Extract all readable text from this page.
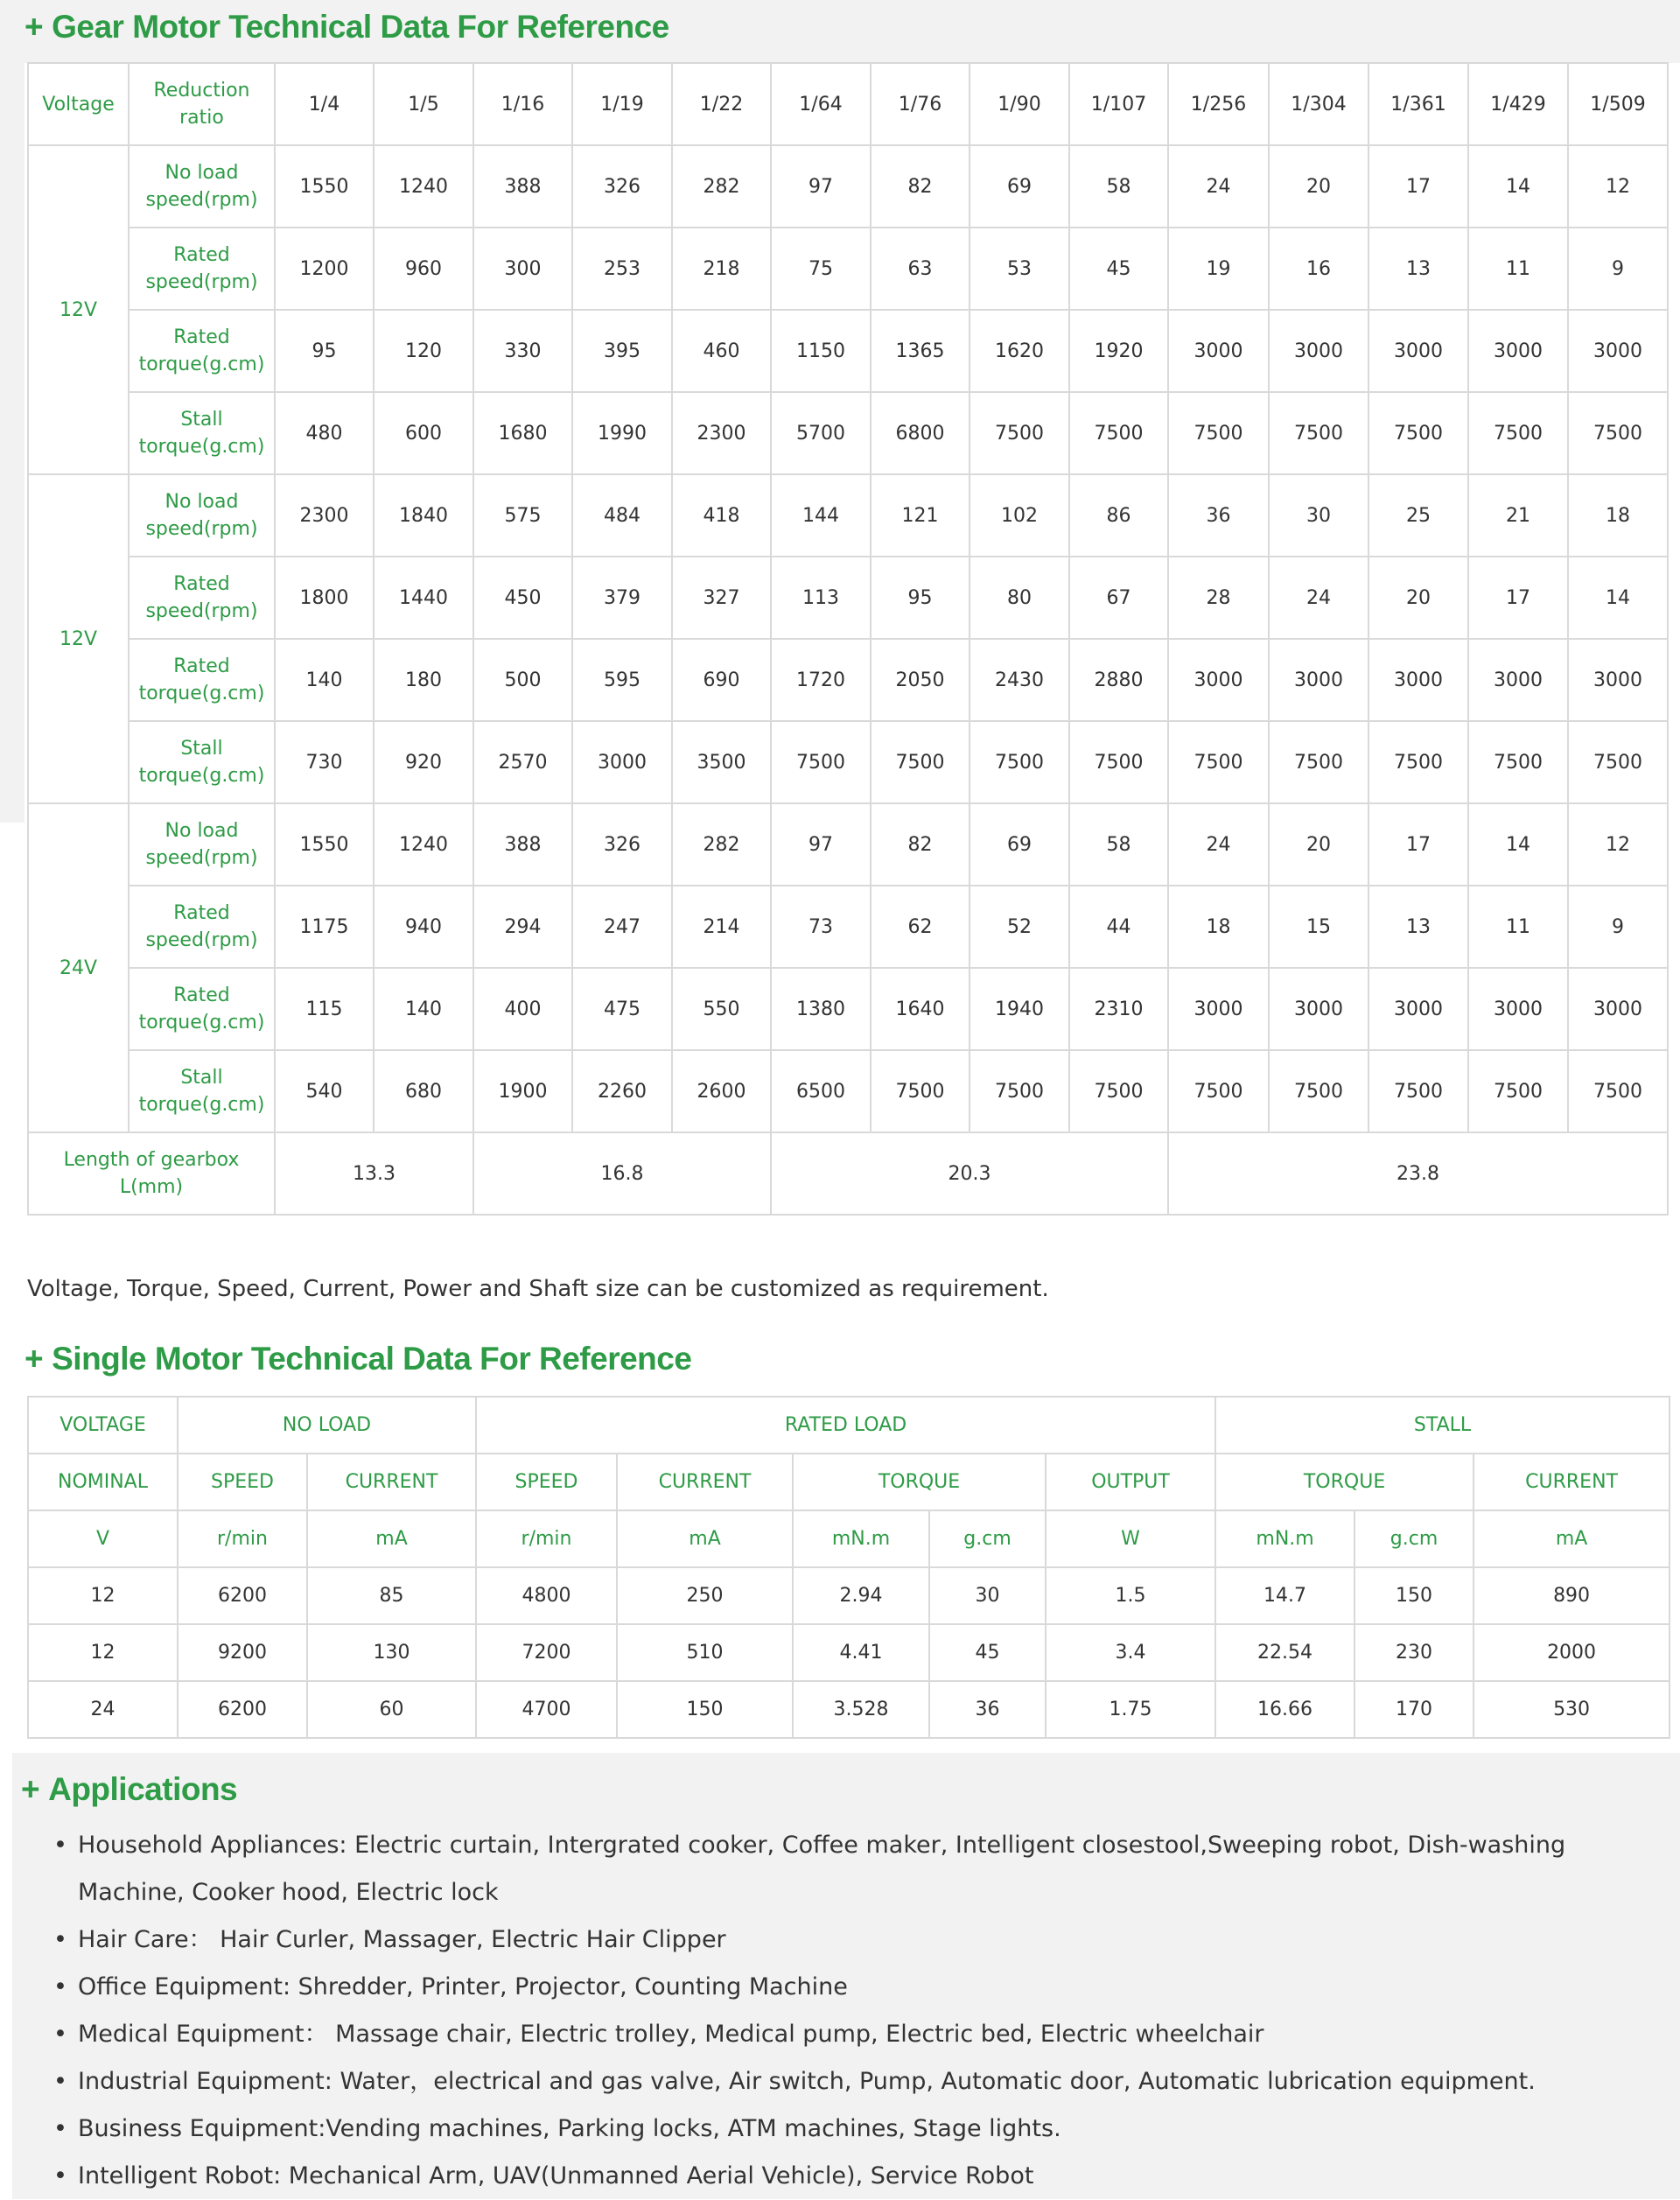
+ Gear Motor Technical Data For Reference
Voltage	Reduction ratio	1/4	1/5	1/16	1/19	1/22	1/64	1/76	1/90	1/107	1/256	1/304	1/361	1/429	1/509
12V	No load speed(rpm)	1550	1240	388	326	282	97	82	69	58	24	20	17	14	12
	Rated speed(rpm)	1200	960	300	253	218	75	63	53	45	19	16	13	11	9
	Rated torque(g.cm)	95	120	330	395	460	1150	1365	1620	1920	3000	3000	3000	3000	3000
	Stall torque(g.cm)	480	600	1680	1990	2300	5700	6800	7500	7500	7500	7500	7500	7500	7500
12V	No load speed(rpm)	2300	1840	575	484	418	144	121	102	86	36	30	25	21	18
	Rated speed(rpm)	1800	1440	450	379	327	113	95	80	67	28	24	20	17	14
	Rated torque(g.cm)	140	180	500	595	690	1720	2050	2430	2880	3000	3000	3000	3000	3000
	Stall torque(g.cm)	730	920	2570	3000	3500	7500	7500	7500	7500	7500	7500	7500	7500	7500
24V	No load speed(rpm)	1550	1240	388	326	282	97	82	69	58	24	20	17	14	12
	Rated speed(rpm)	1175	940	294	247	214	73	62	52	44	18	15	13	11	9
	Rated torque(g.cm)	115	140	400	475	550	1380	1640	1940	2310	3000	3000	3000	3000	3000
	Stall torque(g.cm)	540	680	1900	2260	2600	6500	7500	7500	7500	7500	7500	7500	7500	7500
Length of gearbox L(mm)		13.3		16.8			20.3				23.8				
Voltage, Torque, Speed, Current, Power and Shaft size can be customized as requirement.
+ Single Motor Technical Data For Reference
VOLTAGE	NO LOAD		RATED LOAD					STALL		
NOMINAL	SPEED	CURRENT	SPEED	CURRENT	TORQUE		OUTPUT	TORQUE		CURRENT
V	r/min	mA	r/min	mA	mN.m	g.cm	W	mN.m	g.cm	mA
12	6200	85	4800	250	2.94	30	1.5	14.7	150	890
12	9200	130	7200	510	4.41	45	3.4	22.54	230	2000
24	6200	60	4700	150	3.528	36	1.75	16.66	170	530
+ Applications
• Household Appliances: Electric curtain, Intergrated cooker, Coffee maker, Intelligent closestool,Sweeping robot, Dish-washing Machine, Cooker hood, Electric lock
• Hair Care： Hair Curler, Massager, Electric Hair Clipper
• Office Equipment: Shredder, Printer, Projector, Counting Machine
• Medical Equipment： Massage chair, Electric trolley, Medical pump, Electric bed, Electric wheelchair
• Industrial Equipment: Water，electrical and gas valve, Air switch, Pump, Automatic door, Automatic lubrication equipment.
• Business Equipment:Vending machines, Parking locks, ATM machines, Stage lights.
• Intelligent Robot: Mechanical Arm, UAV(Unmanned Aerial Vehicle), Service Robot
